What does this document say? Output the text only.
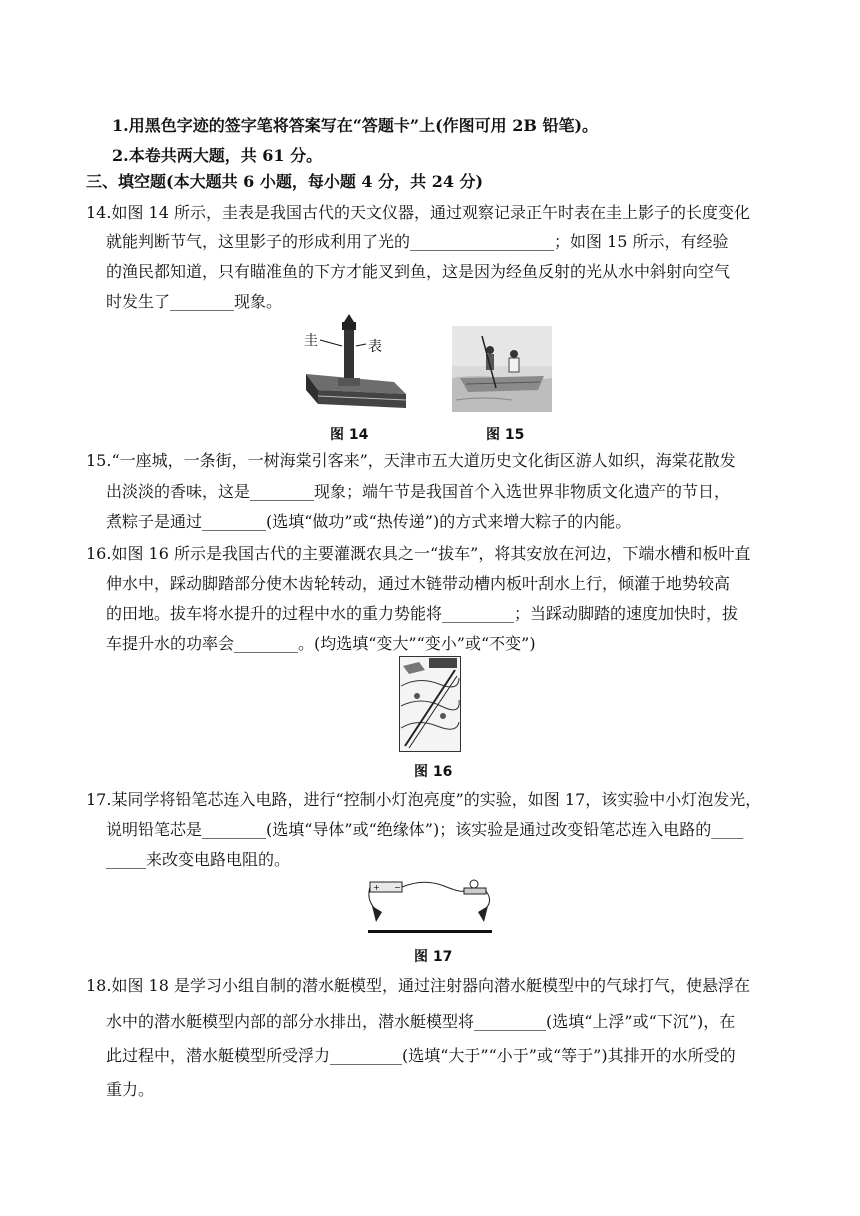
1.用黑色字迹的签字笔将答案写在“答题卡”上(作图可用 2B 铅笔)。
2.本卷共两大题，共 61 分。
三、填空题(本大题共 6 小题，每小题 4 分，共 24 分)
14.如图 14 所示，圭表是我国古代的天文仪器，通过观察记录正午时表在圭上影子的长度变化
就能判断节气，这里影子的形成利用了光的__________________；如图 15 所示，有经验
的渔民都知道，只有瞄准鱼的下方才能叉到鱼，这是因为经鱼反射的光从水中斜射向空气
时发生了________现象。
圭	表
图 14	图 15
15.“一座城，一条街，一树海棠引客来”，天津市五大道历史文化街区游人如织，海棠花散发
出淡淡的香味，这是________现象；端午节是我国首个入选世界非物质文化遗产的节日，
煮粽子是通过________(选填“做功”或“热传递”)的方式来增大粽子的内能。
16.如图 16 所示是我国古代的主要灌溉农具之一“拔车”，将其安放在河边，下端水槽和板叶直
伸水中，踩动脚踏部分使木齿轮转动，通过木链带动槽内板叶刮水上行，倾灌于地势较高
的田地。拔车将水提升的过程中水的重力势能将_________；当踩动脚踏的速度加快时，拔
车提升水的功率会________。(均选填“变大”“变小”或“不变”)
图 16
17.某同学将铅笔芯连入电路，进行“控制小灯泡亮度”的实验，如图 17，该实验中小灯泡发光，
说明铅笔芯是________(选填“导体”或“绝缘体”)；该实验是通过改变铅笔芯连入电路的____
_____来改变电路电阻的。
+ −
图 17
18.如图 18 是学习小组自制的潜水艇模型，通过注射器向潜水艇模型中的气球打气，使悬浮在
水中的潜水艇模型内部的部分水排出，潜水艇模型将_________(选填“上浮”或“下沉”)，在
此过程中，潜水艇模型所受浮力_________(选填“大于”“小于”或“等于”)其排开的水所受的
重力。
